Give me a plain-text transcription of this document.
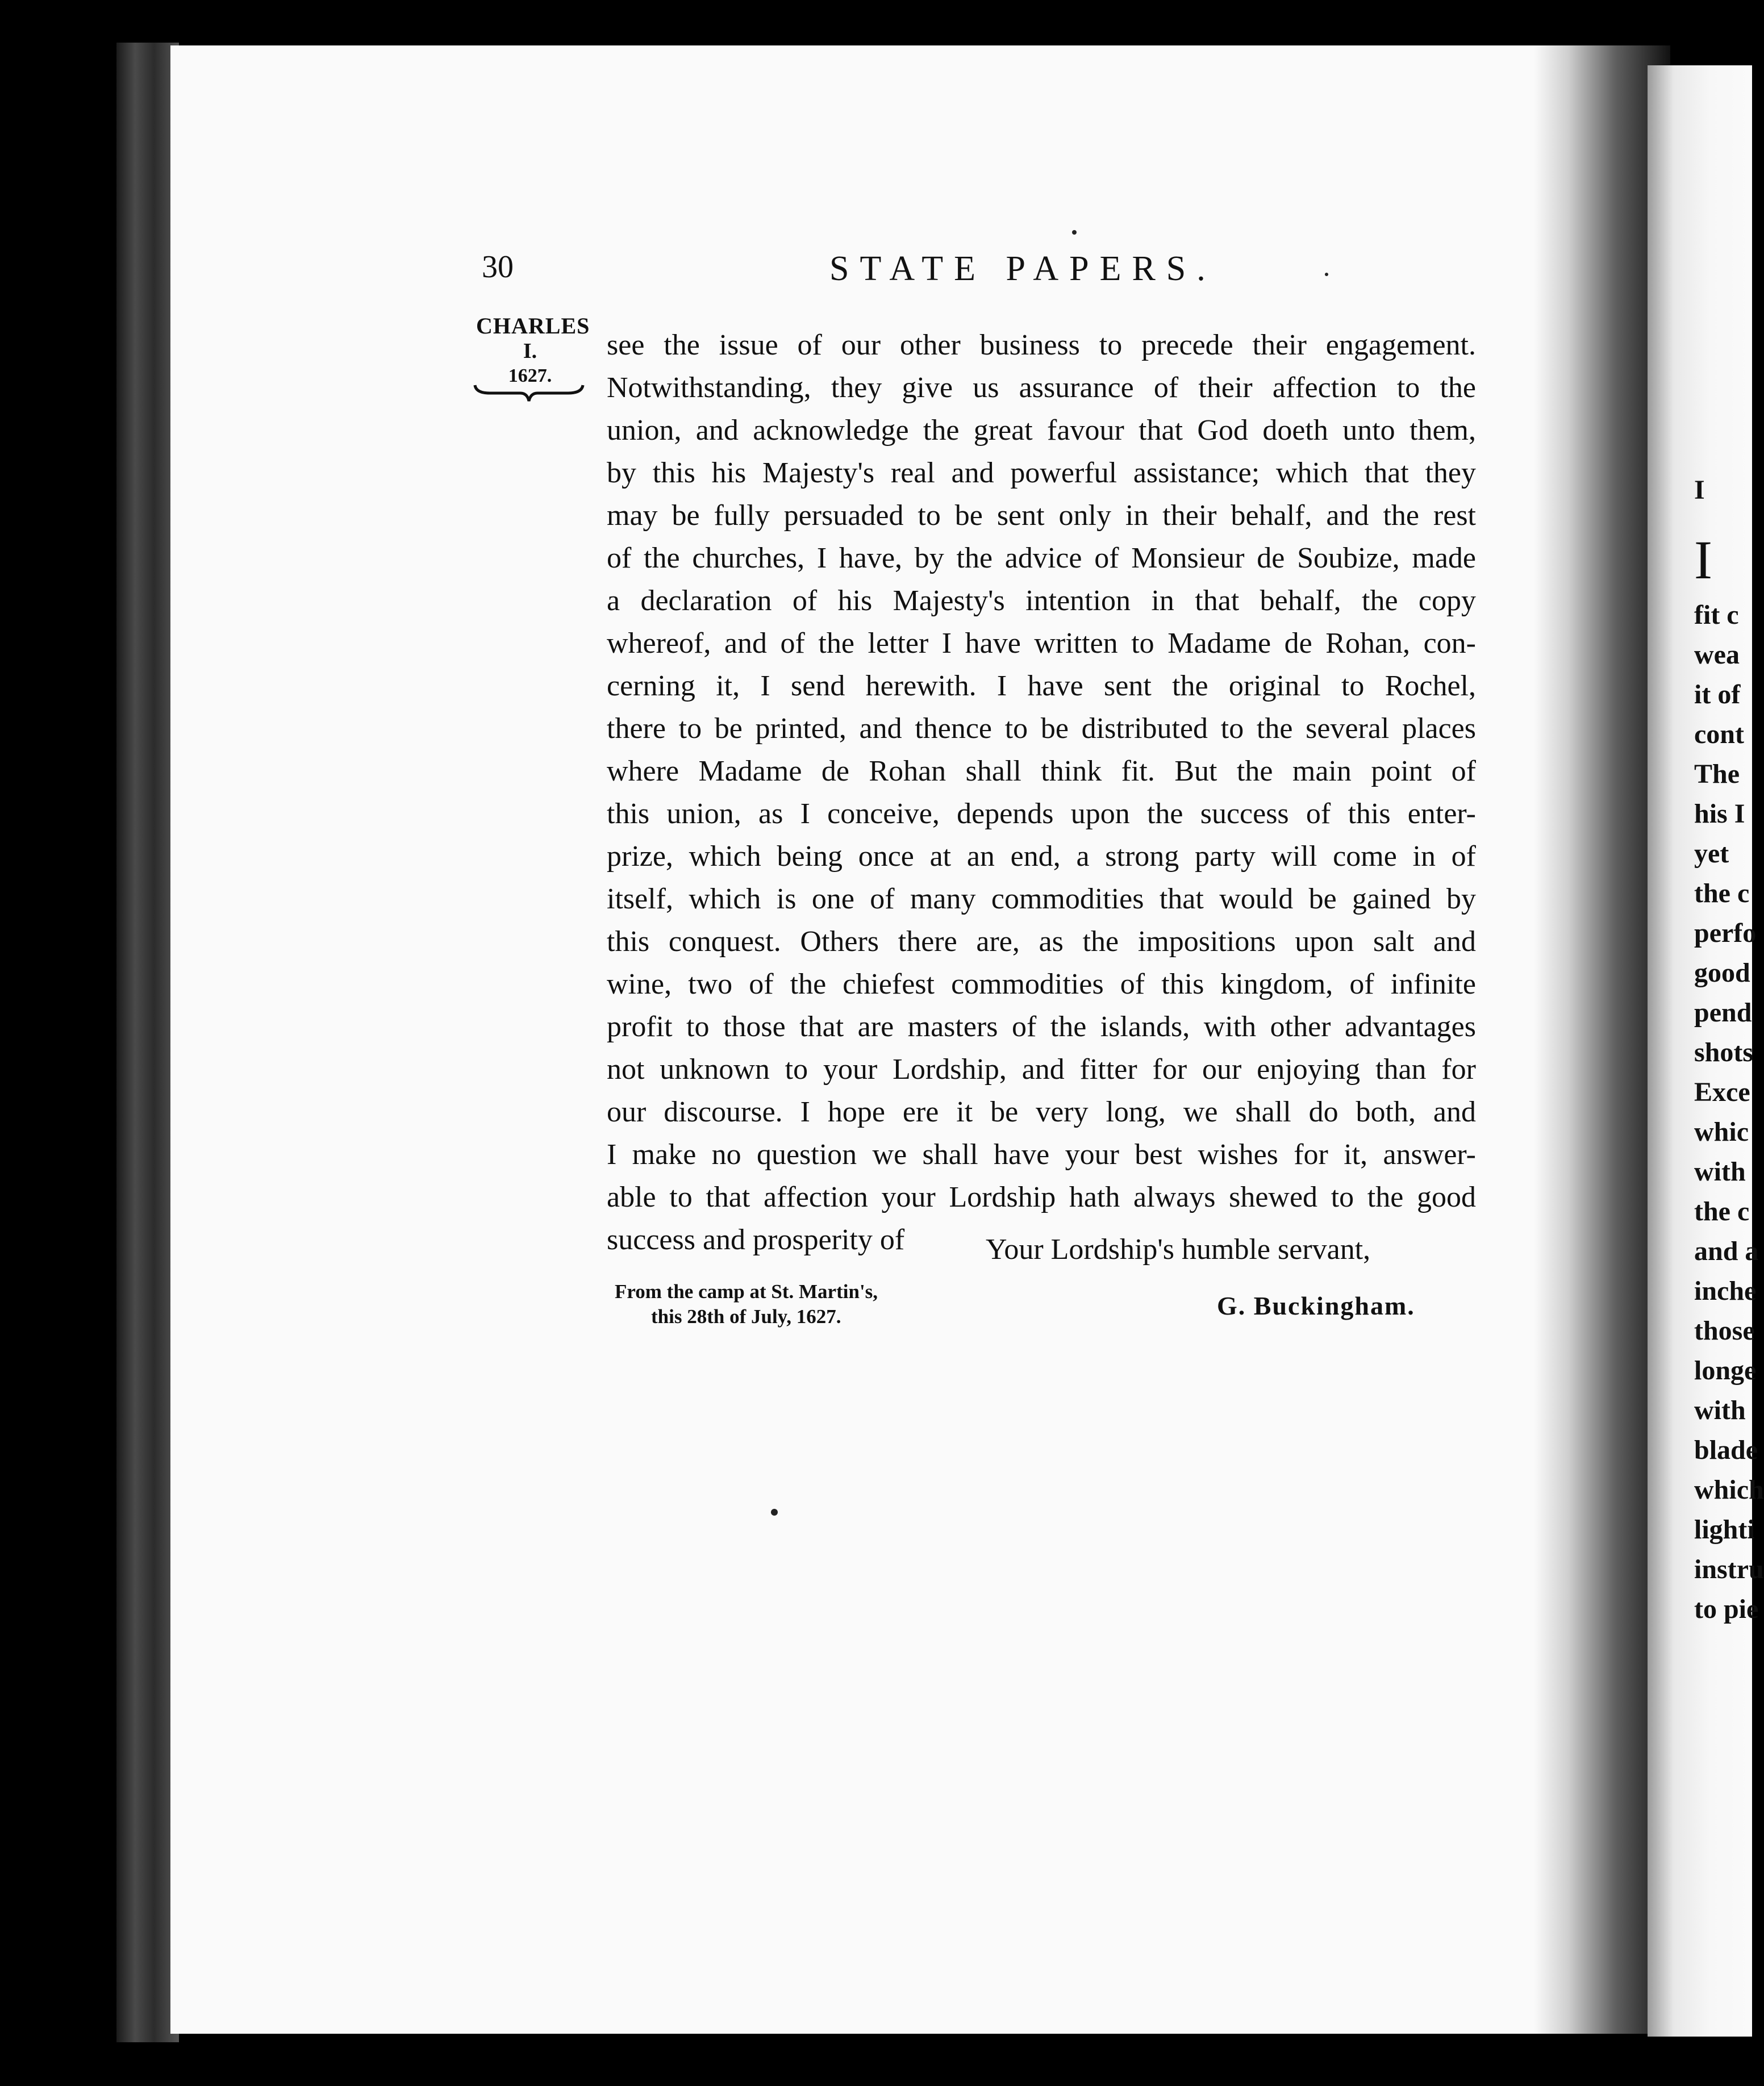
30	STATE PAPERS.
CHARLES
I.
1627.
see the issue of our other business to precede their engagement.
Notwithstanding, they give us assurance of their affection to the
union, and acknowledge the great favour that God doeth unto them,
by this his Majesty's real and powerful assistance; which that they
may be fully persuaded to be sent only in their behalf, and the rest
of the churches, I have, by the advice of Monsieur de Soubize, made
a declaration of his Majesty's intention in that behalf, the copy
whereof, and of the letter I have written to Madame de Rohan, con-
cerning it, I send herewith. I have sent the original to Rochel,
there to be printed, and thence to be distributed to the several places
where Madame de Rohan shall think fit. But the main point of
this union, as I conceive, depends upon the success of this enter-
prize, which being once at an end, a strong party will come in of
itself, which is one of many commodities that would be gained by
this conquest. Others there are, as the impositions upon salt and
wine, two of the chiefest commodities of this kingdom, of infinite
profit to those that are masters of the islands, with other advantages
not unknown to your Lordship, and fitter for our enjoying than for
our discourse. I hope ere it be very long, we shall do both, and
I make no question we shall have your best wishes for it, answer-
able to that affection your Lordship hath always shewed to the good
success and prosperity of	Your Lordship's humble servant,
G. Buckingham.
From the camp at St. Martin's,
this 28th of July, 1627.
I
I
fit c
wea
it of
cont
The
his I
yet
the c
perfo
good
pend
shots
Exce
whic
with
the c
and a
inche
those
longe
with
blade
which
lighti
instru
to pie
